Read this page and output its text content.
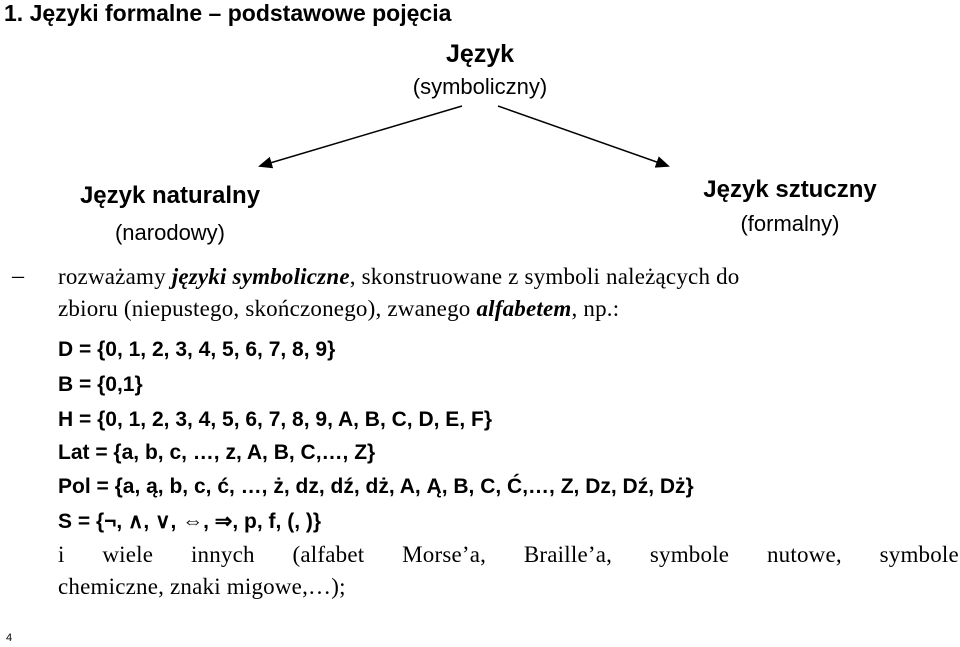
1. Języki formalne – podstawowe pojęcia
Język
(symboliczny)
Język naturalny
(narodowy)
Język sztuczny
(formalny)
– rozważamy języki symboliczne, skonstruowane z symboli należących do
zbioru (niepustego, skończonego), zwanego alfabetem, np.:
D = {0, 1, 2, 3, 4, 5, 6, 7, 8, 9}
B = {0,1}
H = {0, 1, 2, 3, 4, 5, 6, 7, 8, 9, A, B, C, D, E, F}
Lat = {a, b, c, …, z, A, B, C,…, Z}
Pol = {a, ą, b, c, ć, …, ż, dz, dź, dż, A, Ą, B, C, Ć,…, Z, Dz, Dź, Dż}
S = {¬, ∧, ∨, ⇔, ⇒, p, f, (, )}
i wiele innych (alfabet Morse’a, Braille’a, symbole nutowe, symbole
chemiczne, znaki migowe,…);
4
